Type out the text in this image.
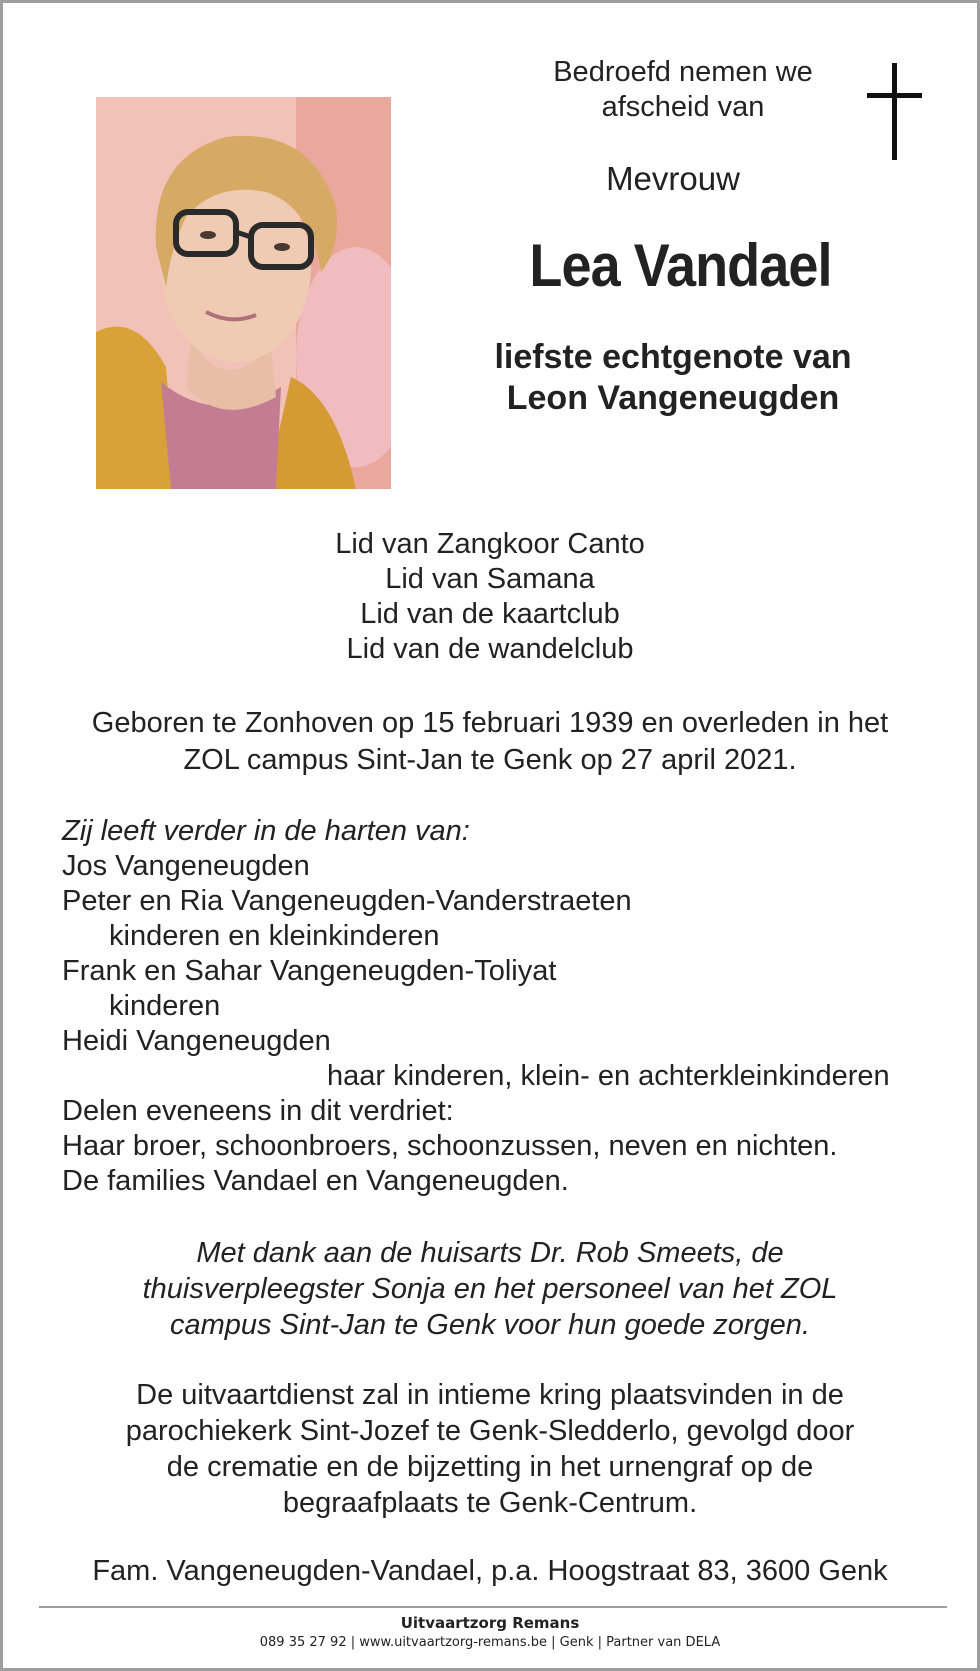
Bedroefd nemen we
afscheid van
Mevrouw
Lea Vandael
liefste echtgenote van
Leon Vangeneugden
Lid van Zangkoor Canto
Lid van Samana
Lid van de kaartclub
Lid van de wandelclub
Geboren te Zonhoven op 15 februari 1939 en overleden in het
ZOL campus Sint-Jan te Genk op 27 april 2021.
Zij leeft verder in de harten van:
Jos Vangeneugden
Peter en Ria Vangeneugden-Vanderstraeten
kinderen en kleinkinderen
Frank en Sahar Vangeneugden-Toliyat
kinderen
Heidi Vangeneugden
haar kinderen, klein- en achterkleinkinderen
Delen eveneens in dit verdriet:
Haar broer, schoonbroers, schoonzussen, neven en nichten.
De families Vandael en Vangeneugden.
Met dank aan de huisarts Dr. Rob Smeets, de
thuisverpleegster Sonja en het personeel van het ZOL
campus Sint-Jan te Genk voor hun goede zorgen.
De uitvaartdienst zal in intieme kring plaatsvinden in de
parochiekerk Sint-Jozef te Genk-Sledderlo, gevolgd door
de crematie en de bijzetting in het urnengraf op de
begraafplaats te Genk-Centrum.
Fam. Vangeneugden-Vandael, p.a. Hoogstraat 83, 3600 Genk
Uitvaartzorg Remans
089 35 27 92 | www.uitvaartzorg-remans.be | Genk | Partner van DELA
